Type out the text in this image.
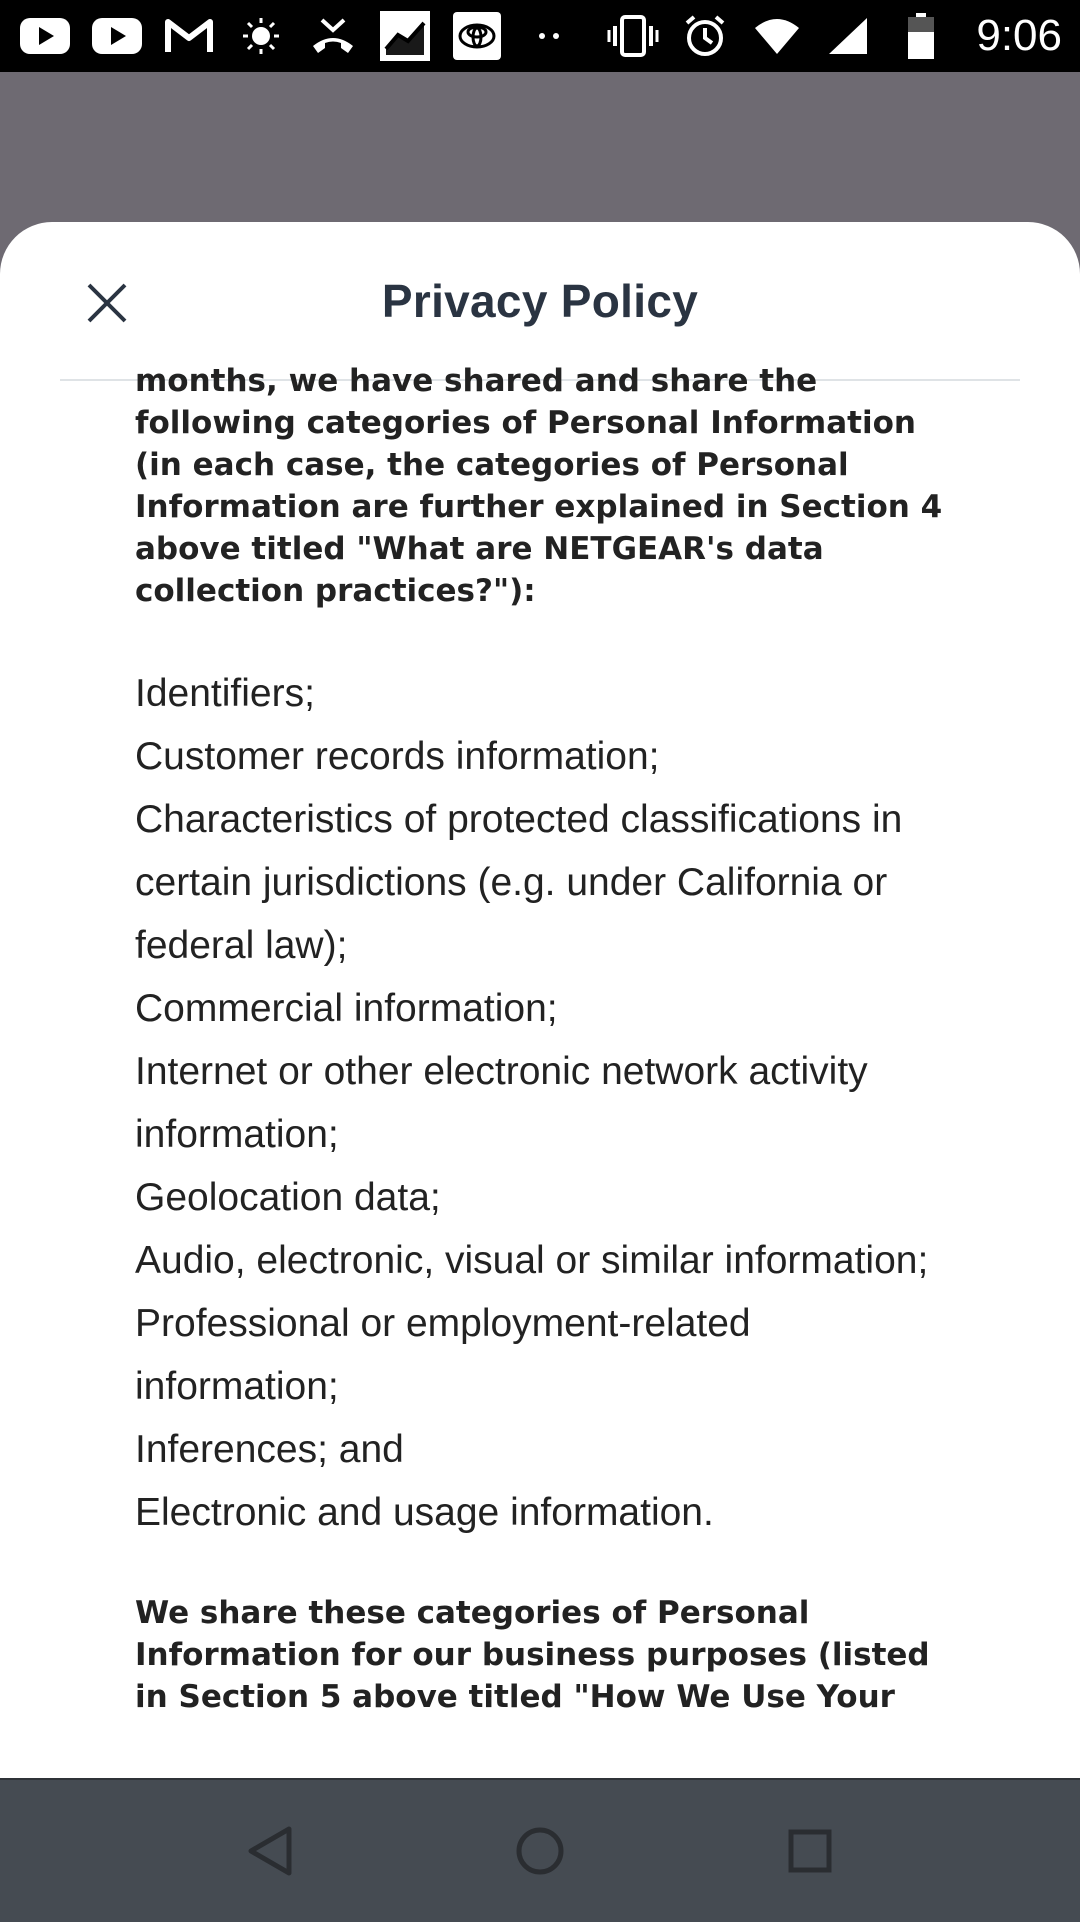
9:06
Privacy Policy

months, we have shared and share the following categories of Personal Information (in each case, the categories of Personal Information are further explained in Section 4 above titled "What are NETGEAR's data collection practices?"):

Identifiers;
Customer records information;
Characteristics of protected classifications in certain jurisdictions (e.g. under California or federal law);
Commercial information;
Internet or other electronic network activity information;
Geolocation data;
Audio, electronic, visual or similar information;
Professional or employment-related information;
Inferences; and
Electronic and usage information.

We share these categories of Personal Information for our business purposes (listed in Section 5 above titled "How We Use Your
